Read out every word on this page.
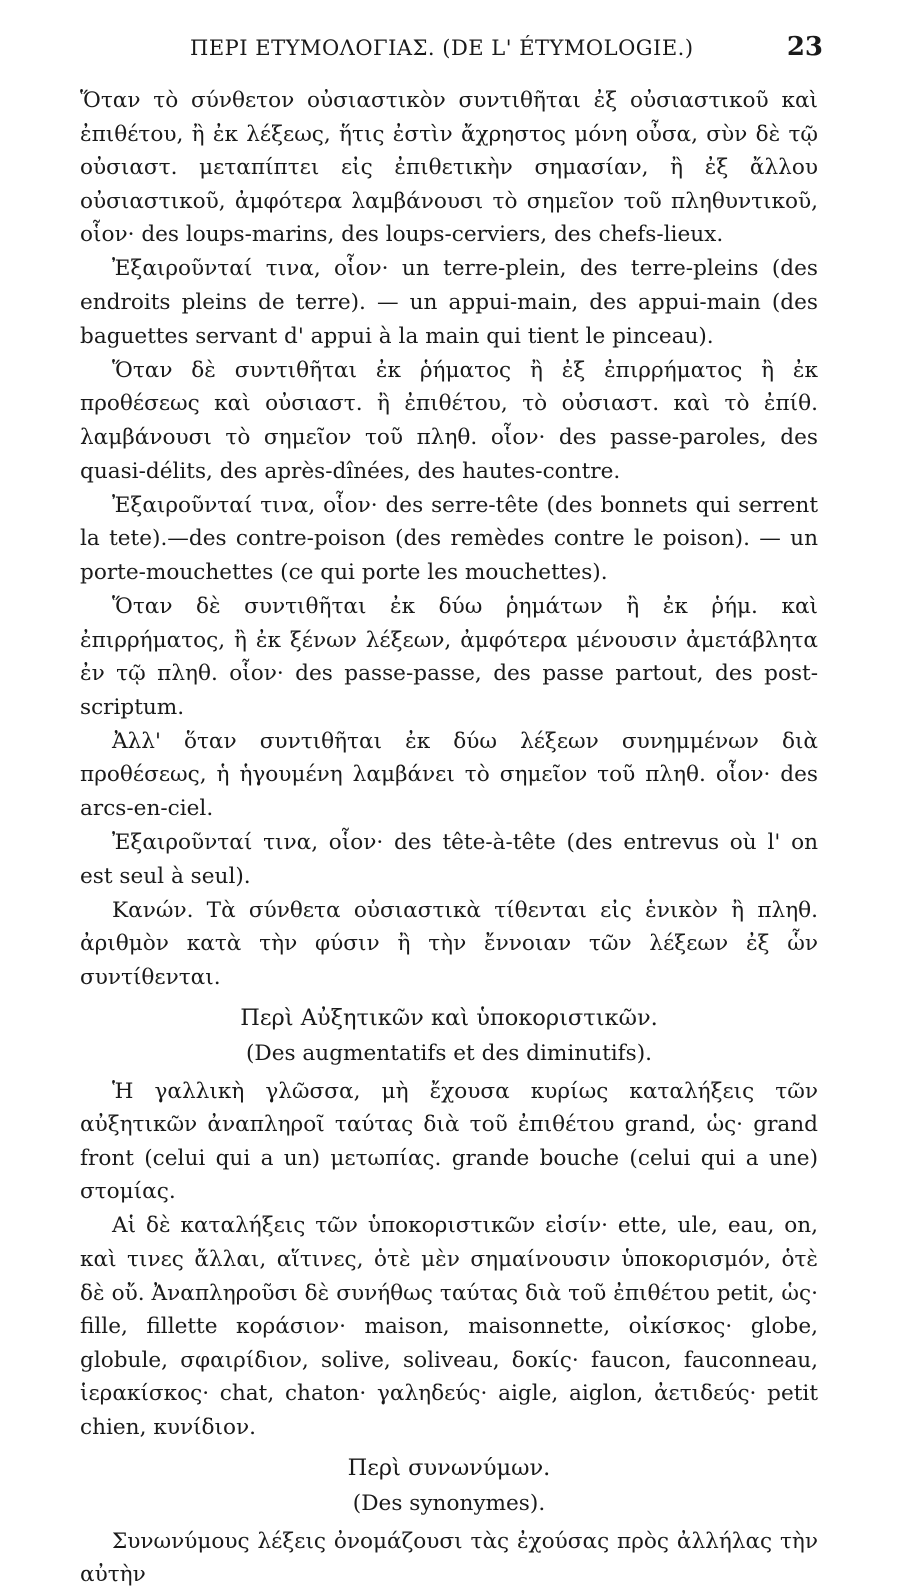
ΠΕΡΙ ΕΤΥΜΟΛΟΓΙΑΣ. (DE L' ÉTYMOLOGIE.)	23

Ὅταν τὸ σύνθετον οὐσιαστικὸν συντιθῆται ἐξ οὐσιαστικοῦ καὶ ἐπιθέτου, ἢ ἐκ λέξεως, ἥτις ἐστὶν ἄχρηστος μόνη οὖσα, σὺν δὲ τῷ οὐσιαστ. μεταπίπτει εἰς ἐπιθετικὴν σημασίαν, ἢ ἐξ ἄλλου οὐσιαστικοῦ, ἀμφότερα λαμβάνουσι τὸ σημεῖον τοῦ πληθυντικοῦ, οἷον· des loups-marins, des loups-cerviers, des chefs-lieux.

Ἐξαιροῦνταί τινα, οἷον· un terre-plein, des terre-pleins (des endroits pleins de terre). — un appui-main, des appui-main (des baguettes servant d' appui à la main qui tient le pinceau).

Ὅταν δὲ συντιθῆται ἐκ ῥήματος ἢ ἐξ ἐπιρρήματος ἢ ἐκ προθέσεως καὶ οὐσιαστ. ἢ ἐπιθέτου, τὸ οὐσιαστ. καὶ τὸ ἐπίθ. λαμβάνουσι τὸ σημεῖον τοῦ πληθ. οἷον· des passe-paroles, des quasi-délits, des après-dînées, des hautes-contre.

Ἐξαιροῦνταί τινα, οἷον· des serre-tête (des bonnets qui serrent la tete).—des contre-poison (des remèdes contre le poison). — un porte-mouchettes (ce qui porte les mouchettes).

Ὅταν δὲ συντιθῆται ἐκ δύω ῥημάτων ἢ ἐκ ῥήμ. καὶ ἐπιρρήματος, ἢ ἐκ ξένων λέξεων, ἀμφότερα μένουσιν ἀμετάβλητα ἐν τῷ πληθ. οἷον· des passe-passe, des passe partout, des post-scriptum.

Ἀλλ' ὅταν συντιθῆται ἐκ δύω λέξεων συνημμένων διὰ προθέσεως, ἡ ἡγουμένη λαμβάνει τὸ σημεῖον τοῦ πληθ. οἷον· des arcs-en-ciel.

Ἐξαιροῦνταί τινα, οἷον· des tête-à-tête (des entrevus où l' on est seul à seul).

Κανών. Τὰ σύνθετα οὐσιαστικὰ τίθενται εἰς ἑνικὸν ἢ πληθ. ἀριθμὸν κατὰ τὴν φύσιν ἢ τὴν ἔννοιαν τῶν λέξεων ἐξ ὧν συντίθενται.

Περὶ Αὐξητικῶν καὶ ὑποκοριστικῶν.
(Des augmentatifs et des diminutifs).

Ἡ γαλλικὴ γλῶσσα, μὴ ἔχουσα κυρίως καταλήξεις τῶν αὐξητικῶν ἀναπληροῖ ταύτας διὰ τοῦ ἐπιθέτου grand, ὡς· grand front (celui qui a un) μετωπίας. grande bouche (celui qui a une) στομίας.

Αἱ δὲ καταλήξεις τῶν ὑποκοριστικῶν εἰσίν· ette, ule, eau, on, καὶ τινες ἄλλαι, αἵτινες, ὁτὲ μὲν σημαίνουσιν ὑποκορισμόν, ὁτὲ δὲ οὔ. Ἀναπληροῦσι δὲ συνήθως ταύτας διὰ τοῦ ἐπιθέτου petit, ὡς· fille, fillette κοράσιον· maison, maisonnette, οἰκίσκος· globe, globule, σφαιρίδιον, solive, soliveau, δοκίς· faucon, fauconneau, ἱερακίσκος· chat, chaton· γαληδεύς· aigle, aiglon, ἀετιδεύς· petit chien, κυνίδιον.

Περὶ συνωνύμων.
(Des synonymes).

Συνωνύμους λέξεις ὀνομάζουσι τὰς ἐχούσας πρὸς ἀλλήλας τὴν αὐτὴν
